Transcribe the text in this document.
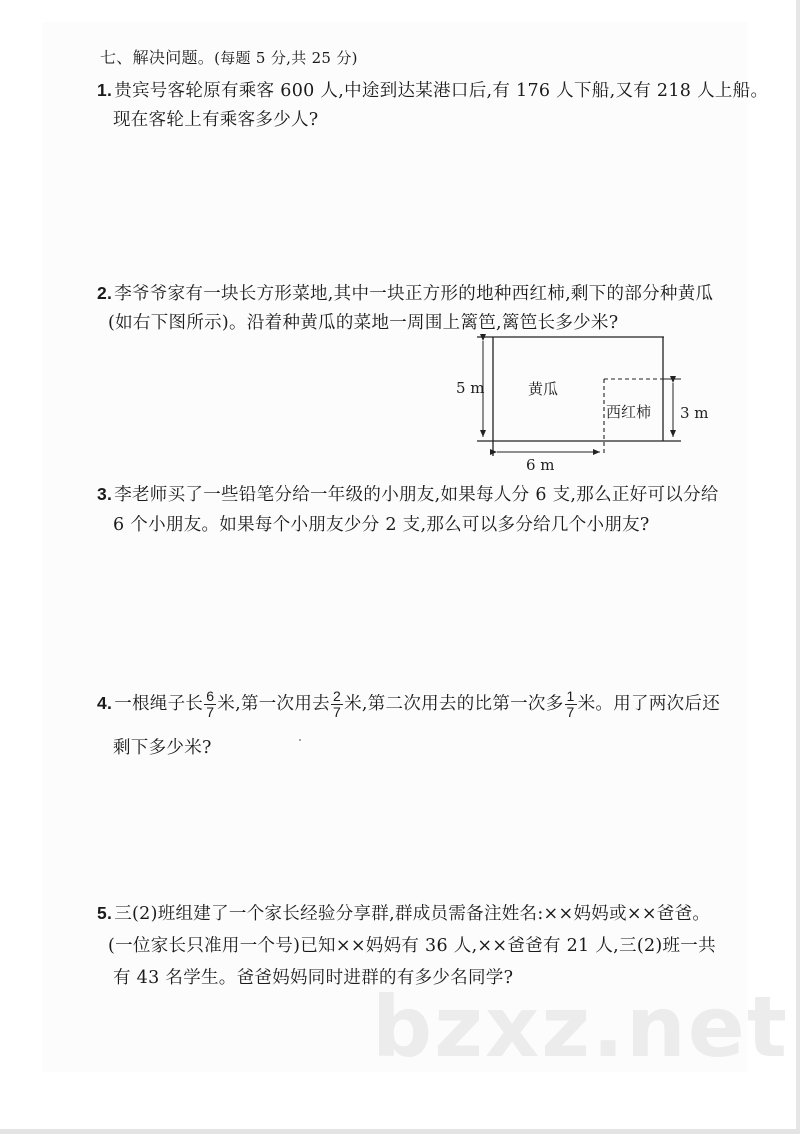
七、解决问题。(每题 5 分,共 25 分)
1. 贵宾号客轮原有乘客 600 人,中途到达某港口后,有 176 人下船,又有 218 人上船。
现在客轮上有乘客多少人?
2. 李爷爷家有一块长方形菜地,其中一块正方形的地种西红柿,剩下的部分种黄瓜
(如右下图所示)。沿着种黄瓜的菜地一周围上篱笆,篱笆长多少米?
5 m	黄瓜
西红柿 3 m
6 m
3. 李老师买了一些铅笔分给一年级的小朋友,如果每人分 6 支,那么正好可以分给
6 个小朋友。如果每个小朋友少分 2 支,那么可以多分给几个小朋友?
4. 一根绳子长 $\frac{6}{7}$ 米,第一次用去 $\frac{2}{7}$ 米,第二次用去的比第一次多 $\frac{1}{7}$ 米。用了两次后还
剩下多少米?
5. 三(2)班组建了一个家长经验分享群,群成员需备注姓名:××妈妈或××爸爸。
(一位家长只准用一个号)已知××妈妈有 36 人,××爸爸有 21 人,三(2)班一共
有 43 名学生。爸爸妈妈同时进群的有多少名同学?
bzxz.net
